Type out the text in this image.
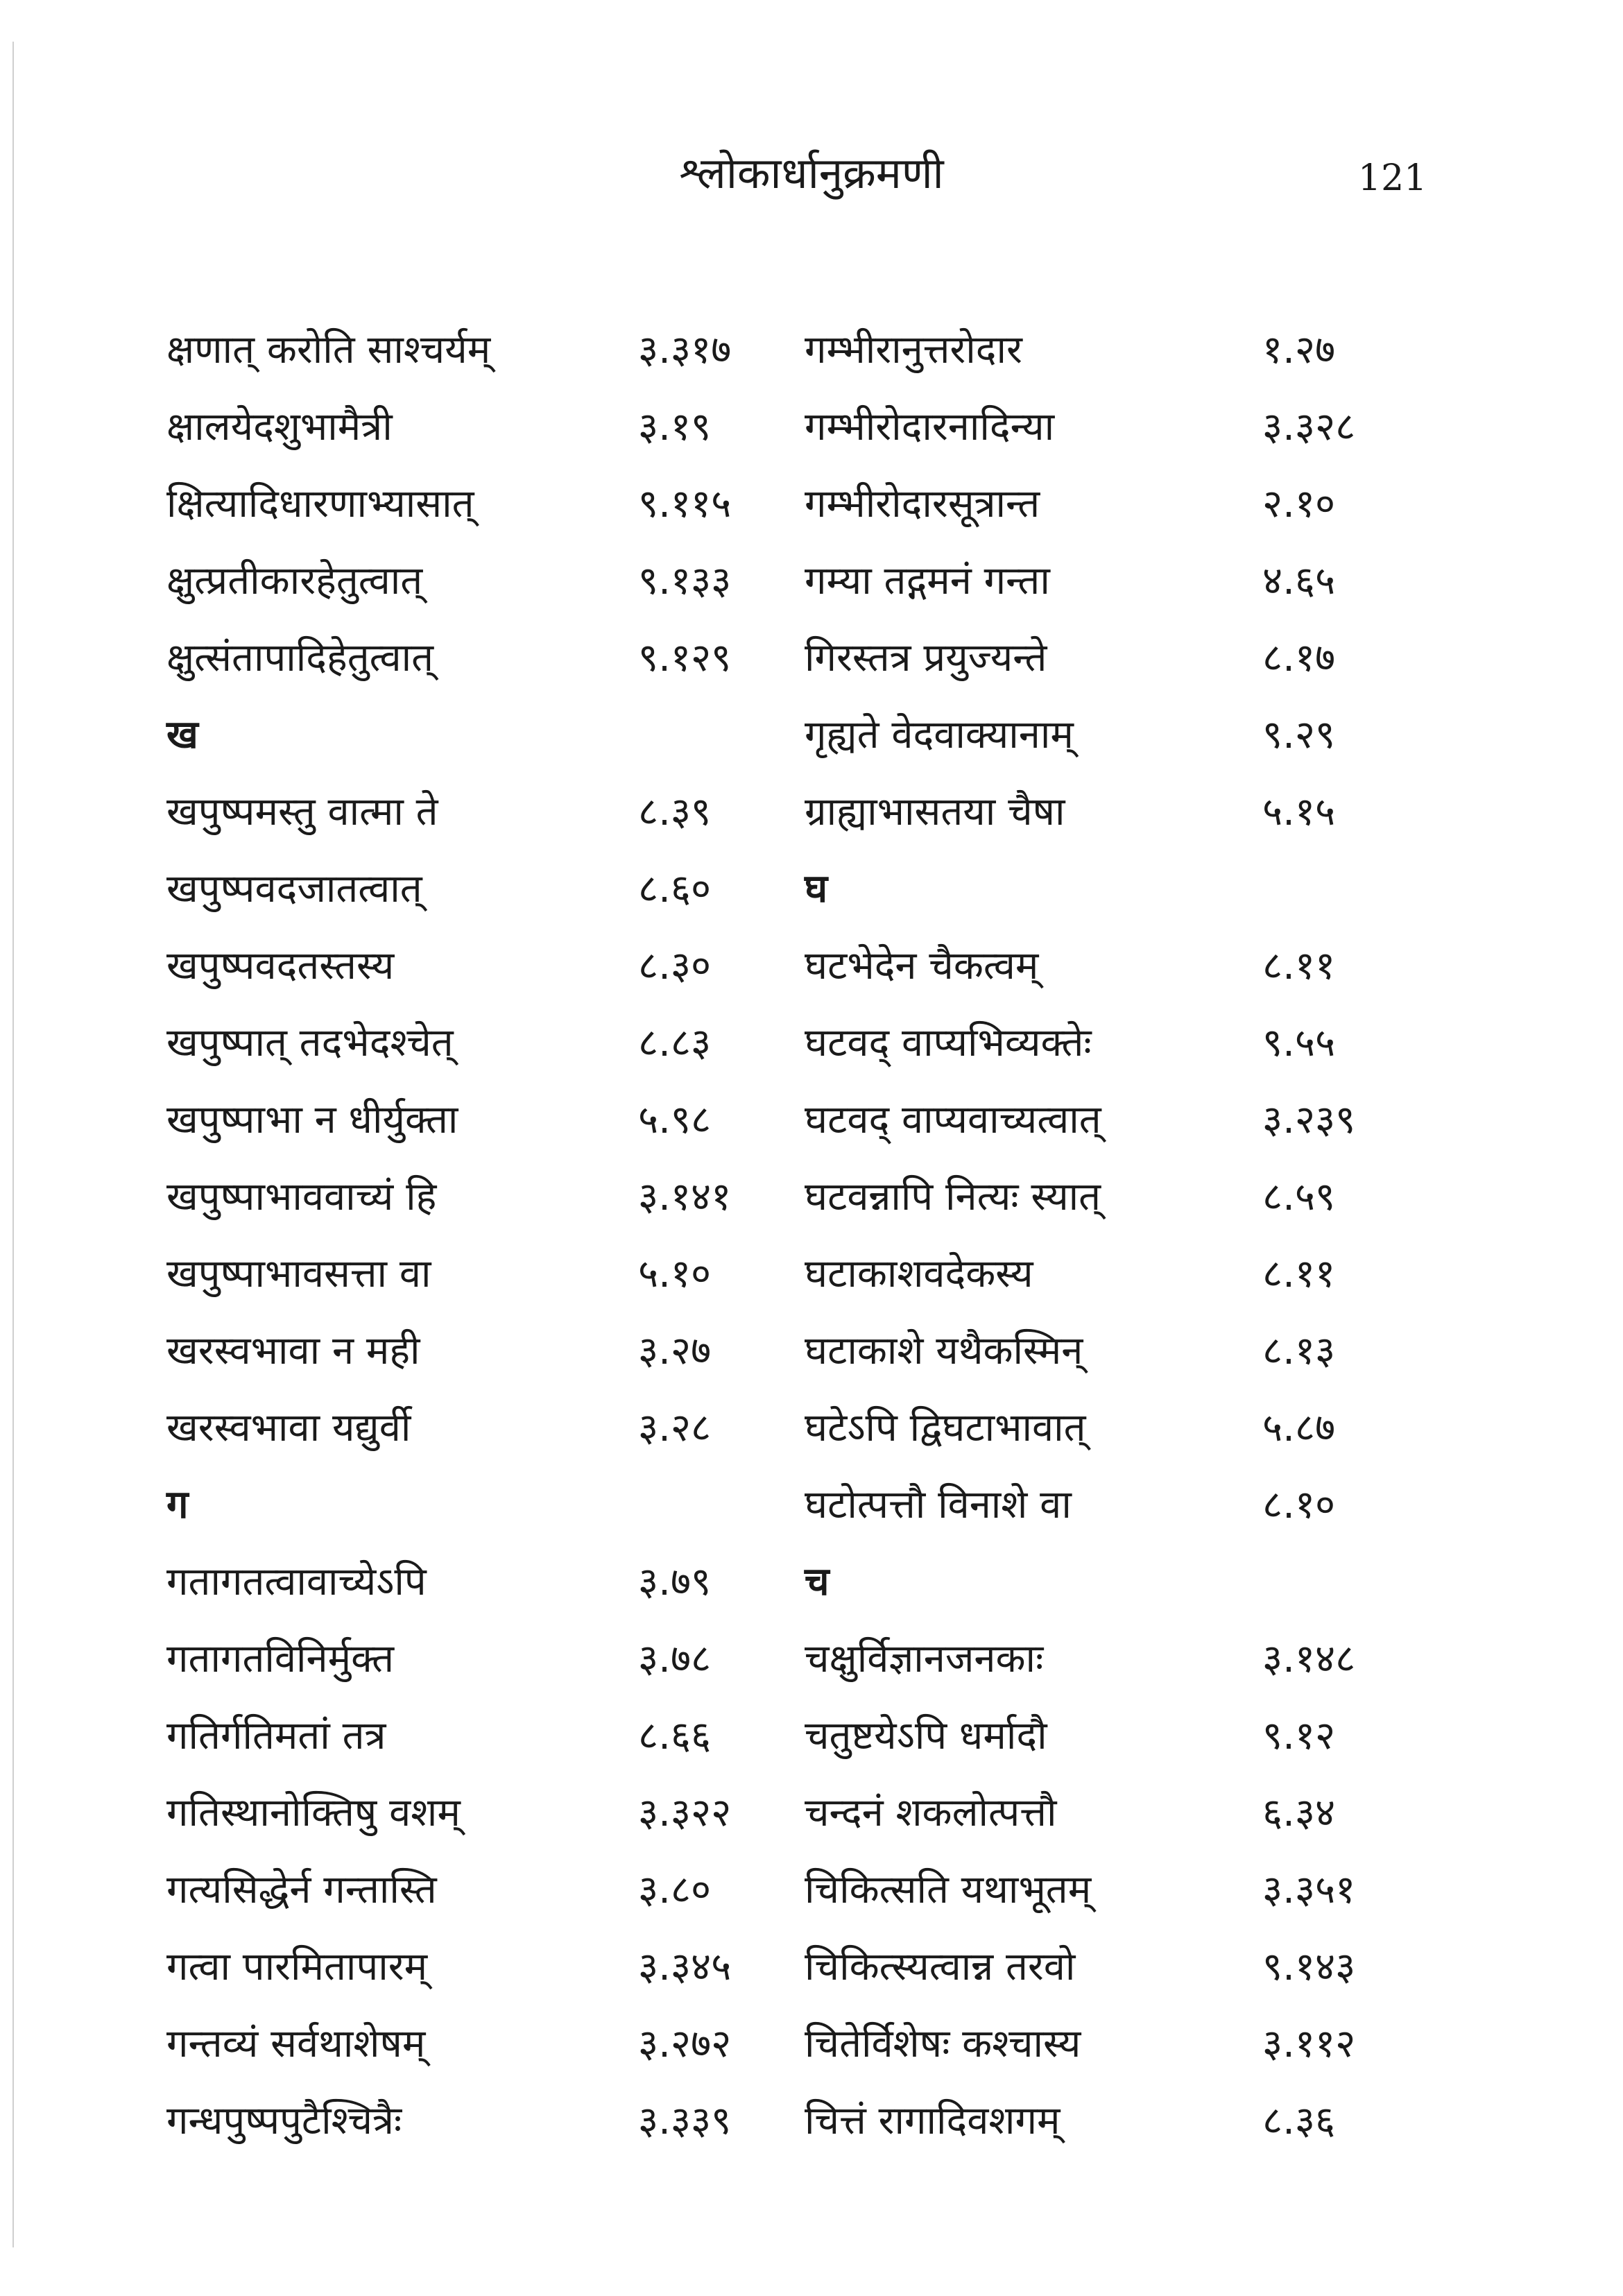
श्लोकार्धानुक्रमणी	121
क्षणात् करोति साश्चर्यम्	३.३१७
क्षालयेदशुभामैत्री	३.१९
क्षित्यादिधारणाभ्यासात्	९.११५
क्षुत्प्रतीकारहेतुत्वात्	९.१३३
क्षुत्संतापादिहेतुत्वात्	९.१२९
ख
खपुष्पमस्तु वात्मा ते	८.३९
खपुष्पवदजातत्वात्	८.६०
खपुष्पवदतस्तस्य	८.३०
खपुष्पात् तदभेदश्चेत्	८.८३
खपुष्पाभा न धीर्युक्ता	५.९८
खपुष्पाभाववाच्यं हि	३.१४१
खपुष्पाभावसत्ता वा	५.१०
खरस्वभावा न मही	३.२७
खरस्वभावा यद्युर्वी	३.२८
ग
गतागतत्वावाच्येऽपि	३.७९
गतागतविनिर्मुक्त	३.७८
गतिर्गतिमतां तत्र	८.६६
गतिस्थानोक्तिषु वशम्	३.३२२
गत्यसिद्धेर्न गन्तास्ति	३.८०
गत्वा पारमितापारम्	३.३४५
गन्तव्यं सर्वथाशेषम्	३.२७२
गन्धपुष्पपुटैश्चित्रैः	३.३३९
गम्भीरानुत्तरोदार	१.२७
गम्भीरोदारनादिन्या	३.३२८
गम्भीरोदारसूत्रान्त	२.१०
गम्या तद्गमनं गन्ता	४.६५
गिरस्तत्र प्रयुज्यन्ते	८.१७
गृह्यते वेदवाक्यानाम्	९.२९
ग्राह्याभासतया चैषा	५.१५
घ
घटभेदेन चैकत्वम्	८.११
घटवद् वाप्यभिव्यक्तेः	९.५५
घटवद् वाप्यवाच्यत्वात्	३.२३९
घटवन्नापि नित्यः स्यात्	८.५९
घटाकाशवदेकस्य	८.११
घटाकाशे यथैकस्मिन्	८.१३
घटेऽपि द्विघटाभावात्	५.८७
घटोत्पत्तौ विनाशे वा	८.१०
च
चक्षुर्विज्ञानजनकाः	३.१४८
चतुष्टयेऽपि धर्मादौ	९.१२
चन्दनं शकलोत्पत्तौ	६.३४
चिकित्सति यथाभूतम्	३.३५१
चिकित्स्यत्वान्न तरवो	९.१४३
चितेर्विशेषः कश्चास्य	३.११२
चित्तं रागादिवशगम्	८.३६
